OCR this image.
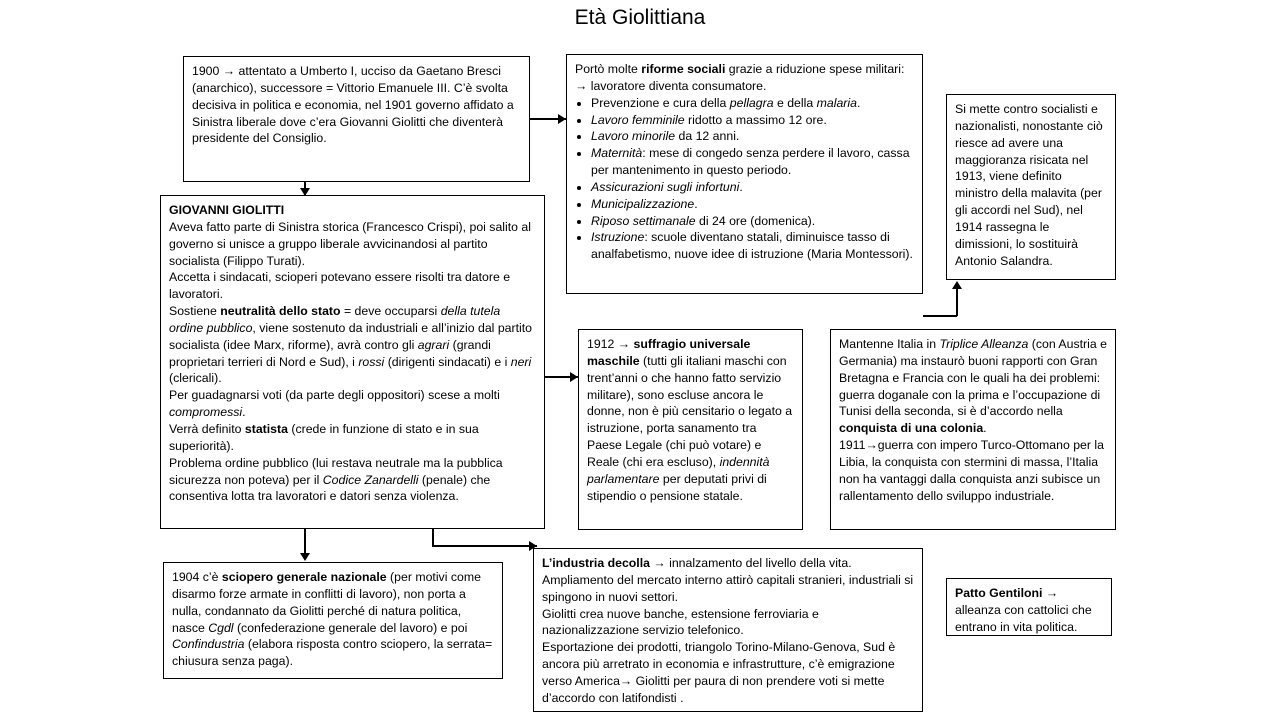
Età Giolittiana

1900 → attentato a Umberto I, ucciso da Gaetano Bresci (anarchico), successore = Vittorio Emanuele III. C’è svolta decisiva in politica e economia, nel 1901 governo affidato a Sinistra liberale dove c’era Giovanni Giolitti che diventerà presidente del Consiglio.

Portò molte riforme sociali grazie a riduzione spese militari: → lavoratore diventa consumatore.

• Prevenzione e cura della pellagra e della malaria.
• Lavoro femminile ridotto a massimo 12 ore.
• Lavoro minorile da 12 anni.
• Maternità: mese di congedo senza perdere il lavoro, cassa per mantenimento in questo periodo.
• Assicurazioni sugli infortuni.
• Municipalizzazione.
• Riposo settimanale di 24 ore (domenica).
• Istruzione: scuole diventano statali, diminuisce tasso di analfabetismo, nuove idee di istruzione (Maria Montessori).

Si mette contro socialisti e nazionalisti, nonostante ciò riesce ad avere una maggioranza risicata nel 1913, viene definito ministro della malavita (per gli accordi nel Sud), nel 1914 rassegna le dimissioni, lo sostituirà Antonio Salandra.

GIOVANNI GIOLITTI

Aveva fatto parte di Sinistra storica (Francesco Crispi), poi salito al governo si unisce a gruppo liberale avvicinandosi al partito socialista (Filippo Turati).

Accetta i sindacati, scioperi potevano essere risolti tra datore e lavoratori.

Sostiene neutralità dello stato = deve occuparsi della tutela ordine pubblico, viene sostenuto da industriali e all’inizio dal partito socialista (idee Marx, riforme), avrà contro gli agrari (grandi proprietari terrieri di Nord e Sud), i rossi (dirigenti sindacati) e i neri (clericali).

Per guadagnarsi voti (da parte degli oppositori) scese a molti compromessi.

Verrà definito statista (crede in funzione di stato e in sua superiorità).

Problema ordine pubblico (lui restava neutrale ma la pubblica sicurezza non poteva) per il Codice Zanardelli (penale) che consentiva lotta tra lavoratori e datori senza violenza.

1912 → suffragio universale maschile (tutti gli italiani maschi con trent’anni o che hanno fatto servizio militare), sono escluse ancora le donne, non è più censitario o legato a istruzione, porta sanamento tra Paese Legale (chi può votare) e Reale (chi era escluso), indennità parlamentare per deputati privi di stipendio o pensione statale.

Mantenne Italia in Triplice Alleanza (con Austria e Germania) ma instaurò buoni rapporti con Gran Bretagna e Francia con le quali ha dei problemi: guerra doganale con la prima e l’occupazione di Tunisi della seconda, si è d’accordo nella conquista di una colonia.

1911→guerra con impero Turco-Ottomano per la Libia, la conquista con stermini di massa, l’Italia non ha vantaggi dalla conquista anzi subisce un rallentamento dello sviluppo industriale.

1904 c’è sciopero generale nazionale (per motivi come disarmo forze armate in conflitti di lavoro), non porta a nulla, condannato da Giolitti perché di natura politica, nasce Cgdl (confederazione generale del lavoro) e poi Confindustria (elabora risposta contro sciopero, la serrata= chiusura senza paga).

L’industria decolla → innalzamento del livello della vita.

Ampliamento del mercato interno attirò capitali stranieri, industriali si spingono in nuovi settori.

Giolitti crea nuove banche, estensione ferroviaria e nazionalizzazione servizio telefonico.

Esportazione dei prodotti, triangolo Torino-Milano-Genova, Sud è ancora più arretrato in economia e infrastrutture, c’è emigrazione verso America→ Giolitti per paura di non prendere voti si mette d’accordo con latifondisti .

Patto Gentiloni →

alleanza con cattolici che entrano in vita politica.
